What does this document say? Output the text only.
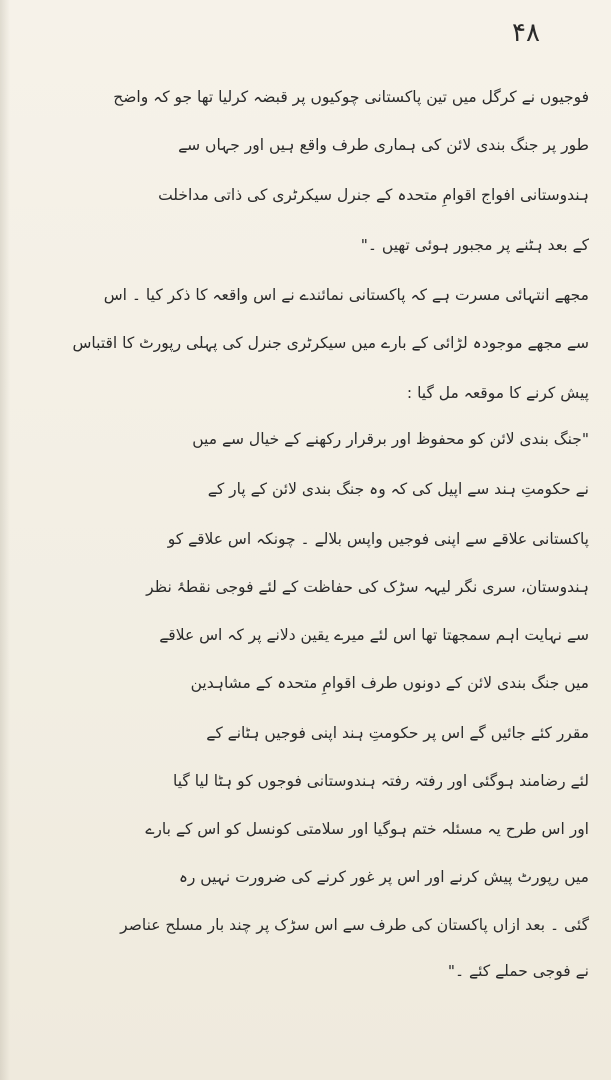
۴۸
فوجیوں نے کرگل میں تین پاکستانی چوکیوں پر قبضہ کرلیا تھا جو کہ واضح
طور پر جنگ بندی لائن کی ہماری طرف واقع ہیں اور جہاں سے
ہندوستانی افواج اقوامِ متحدہ کے جنرل سیکرٹری کی ذاتی مداخلت
کے بعد ہٹنے پر مجبور ہوئی تھیں ۔"
مجھے انتہائی مسرت ہے کہ پاکستانی نمائندے نے اس واقعہ کا ذکر کیا ۔ اس
سے مجھے موجودہ لڑائی کے بارے میں سیکرٹری جنرل کی پہلی رپورٹ کا اقتباس
پیش کرنے کا موقعہ مل گیا :
"جنگ بندی لائن کو محفوظ اور برقرار رکھنے کے خیال سے میں
نے حکومتِ ہند سے اپیل کی کہ وہ جنگ بندی لائن کے پار کے
پاکستانی علاقے سے اپنی فوجیں واپس بلالے ۔ چونکہ اس علاقے کو
ہندوستان، سری نگر لیہہ سڑک کی حفاظت کے لئے فوجی نقطۂ نظر
سے نہایت اہم سمجھتا تھا اس لئے میرے یقین دلانے پر کہ اس علاقے
میں جنگ بندی لائن کے دونوں طرف اقوامِ متحدہ کے مشاہدین
مقرر کئے جائیں گے اس پر حکومتِ ہند اپنی فوجیں ہٹانے کے
لئے رضامند ہوگئی اور رفتہ رفتہ ہندوستانی فوجوں کو ہٹا لیا گیا
اور اس طرح یہ مسئلہ ختم ہوگیا اور سلامتی کونسل کو اس کے بارے
میں رپورٹ پیش کرنے اور اس پر غور کرنے کی ضرورت نہیں رہ
گئی ۔ بعد ازاں پاکستان کی طرف سے اس سڑک پر چند بار مسلح عناصر
نے فوجی حملے کئے ۔"
